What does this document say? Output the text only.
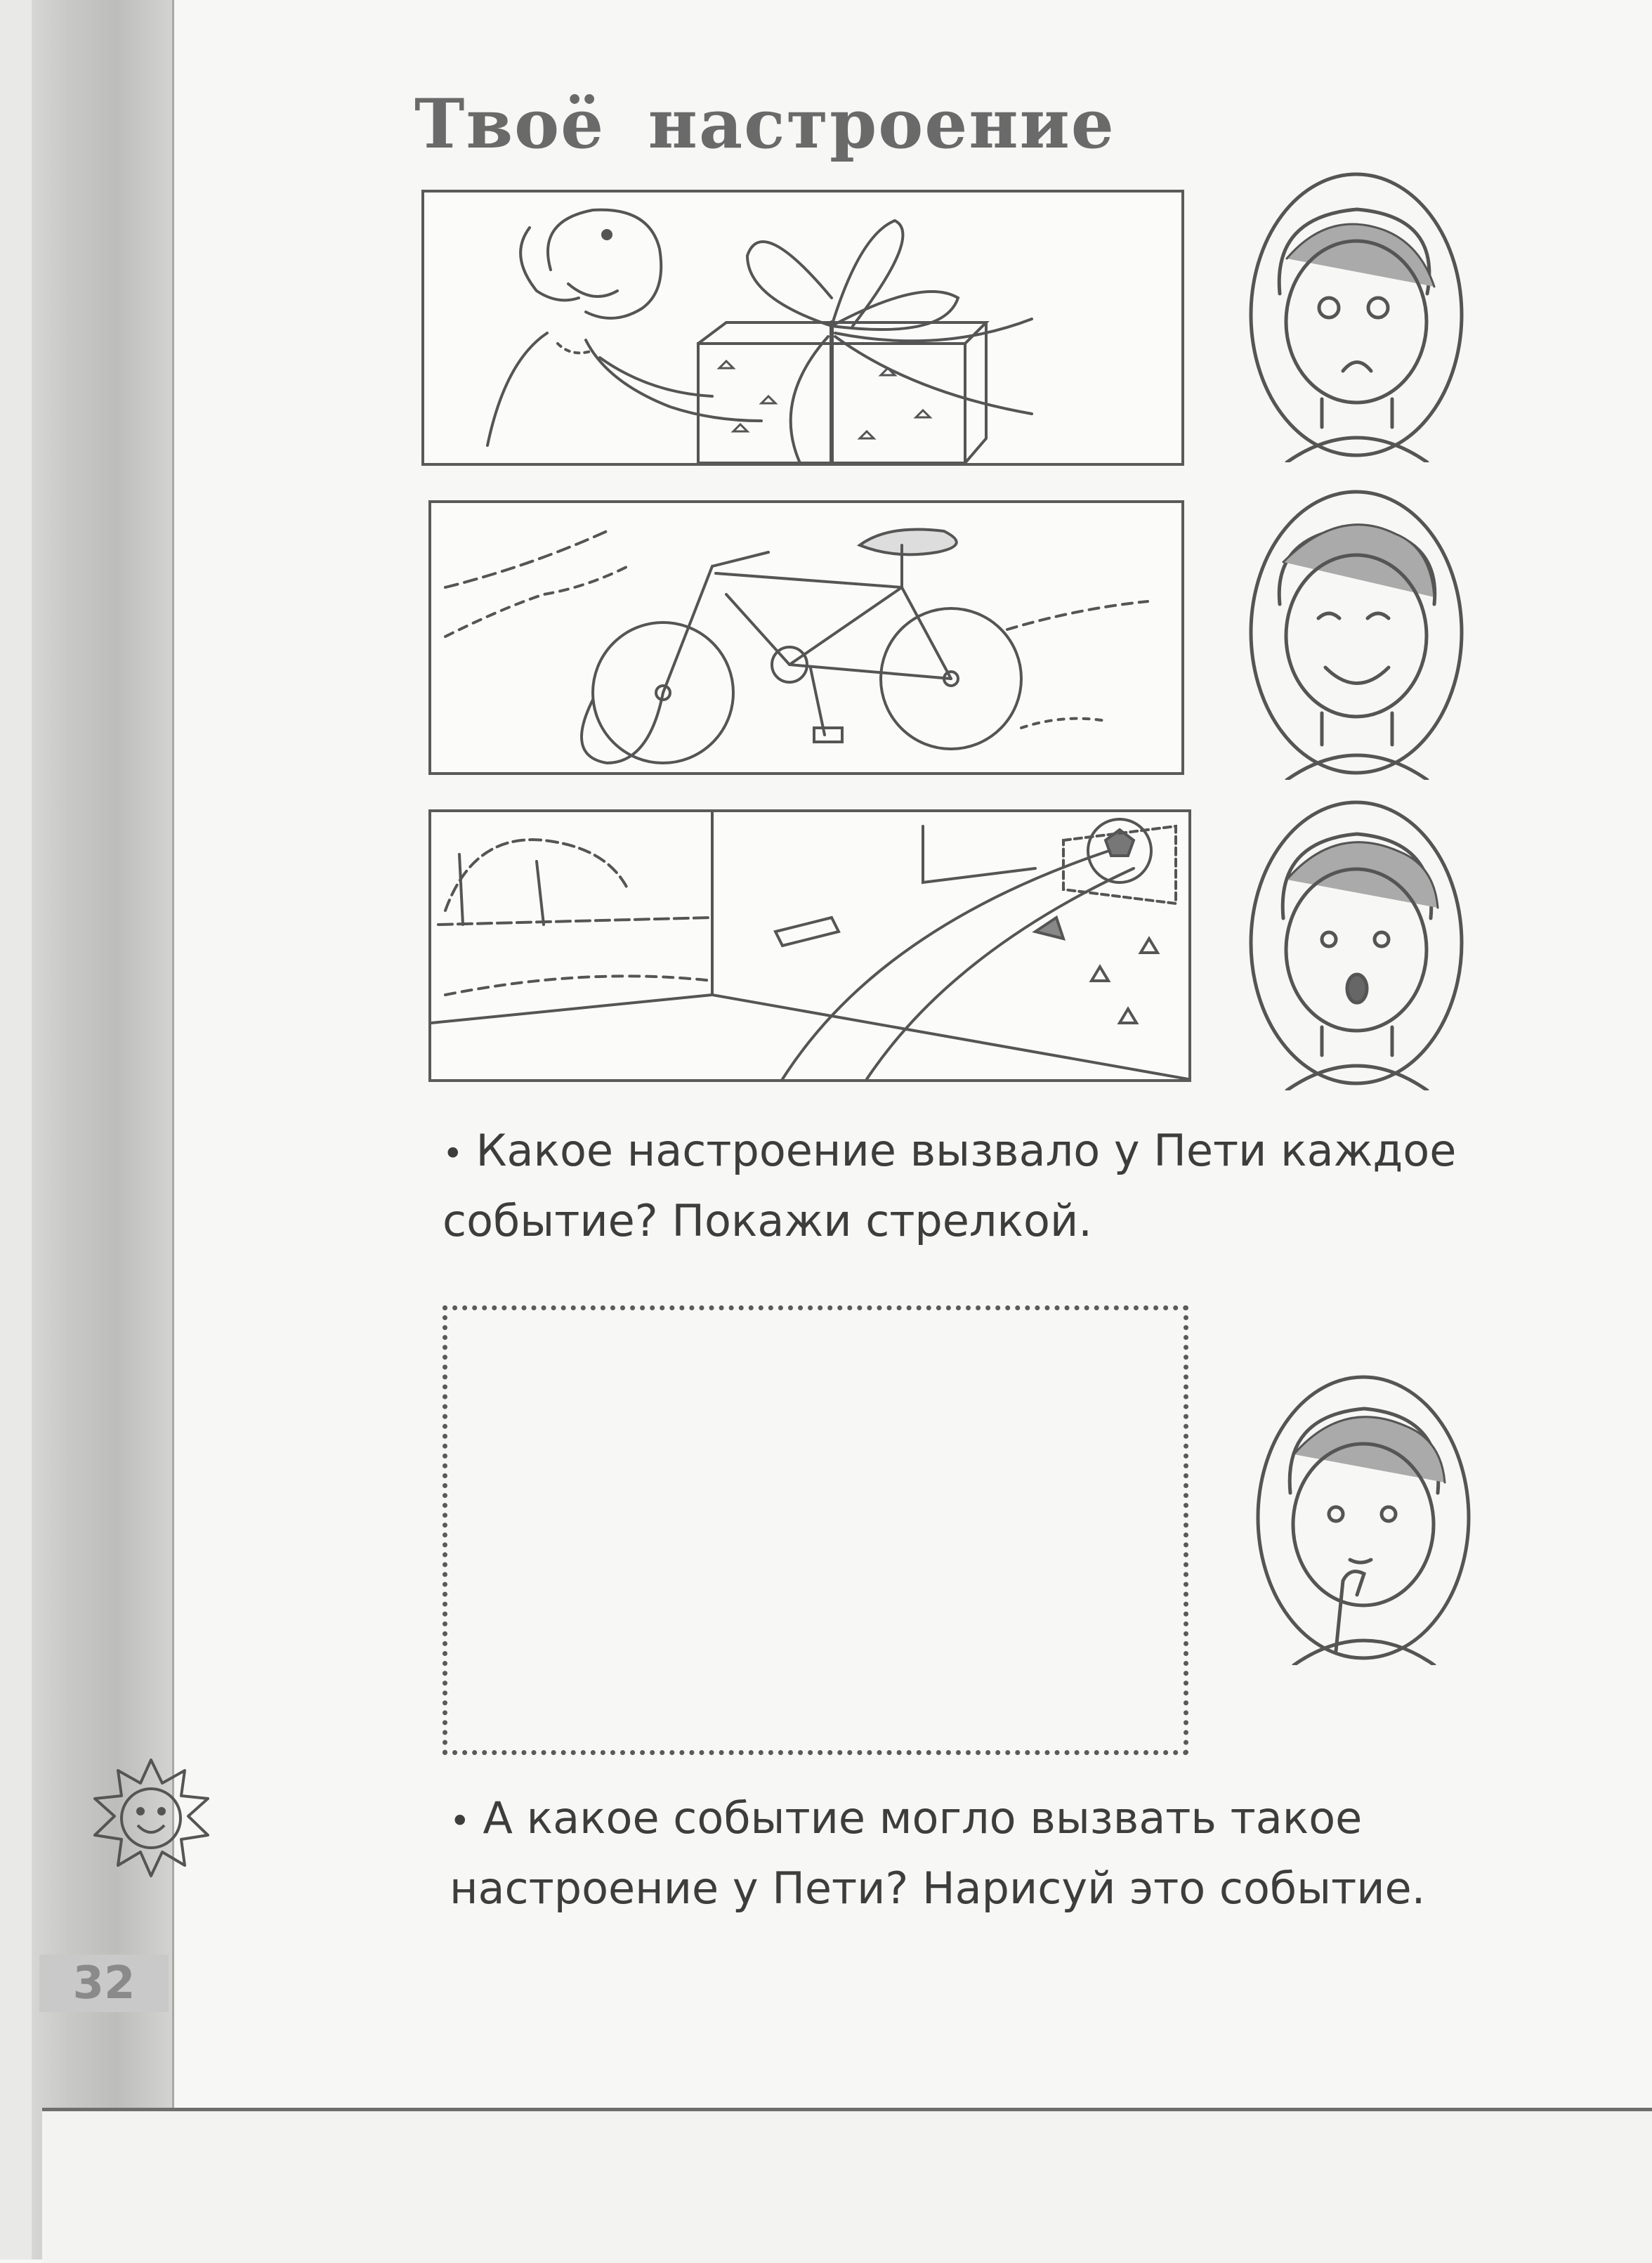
Твоё настроение

• Какое настроение вызвало у Пети каждое
событие? Покажи стрелкой.

• А какое событие могло вызвать такое
настроение у Пети? Нарисуй это событие.

32
